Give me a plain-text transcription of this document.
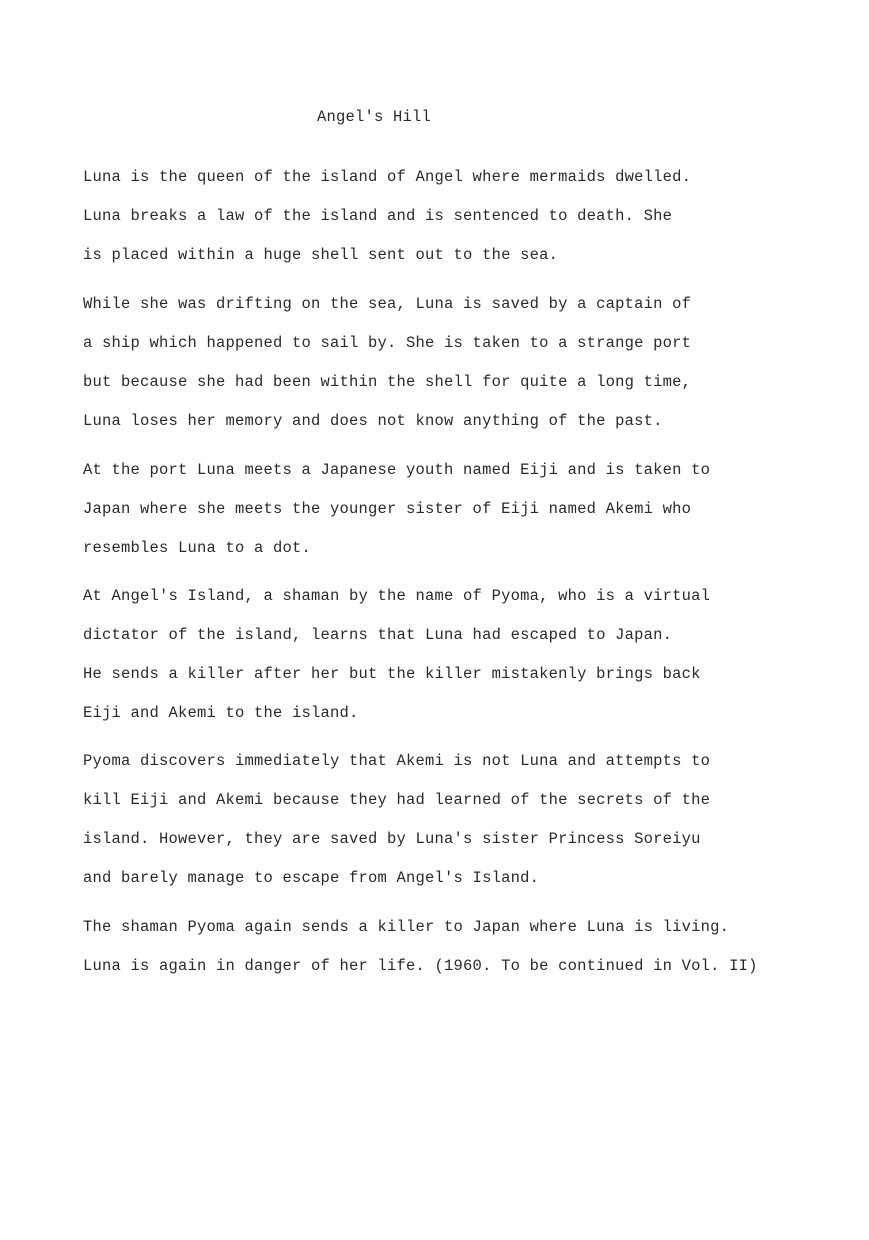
Angel's Hill
Luna is the queen of the island of Angel where mermaids dwelled.
Luna breaks a law of the island and is sentenced to death. She
is placed within a huge shell sent out to the sea.
While she was drifting on the sea, Luna is saved by a captain of
a ship which happened to sail by. She is taken to a strange port
but because she had been within the shell for quite a long time,
Luna loses her memory and does not know anything of the past.
At the port Luna meets a Japanese youth named Eiji and is taken to
Japan where she meets the younger sister of Eiji named Akemi who
resembles Luna to a dot.
At Angel's Island, a shaman by the name of Pyoma, who is a virtual
dictator of the island, learns that Luna had escaped to Japan.
He sends a killer after her but the killer mistakenly brings back
Eiji and Akemi to the island.
Pyoma discovers immediately that Akemi is not Luna and attempts to
kill Eiji and Akemi because they had learned of the secrets of the
island. However, they are saved by Luna's sister Princess Soreiyu
and barely manage to escape from Angel's Island.
The shaman Pyoma again sends a killer to Japan where Luna is living.
Luna is again in danger of her life. (1960. To be continued in Vol. II)
